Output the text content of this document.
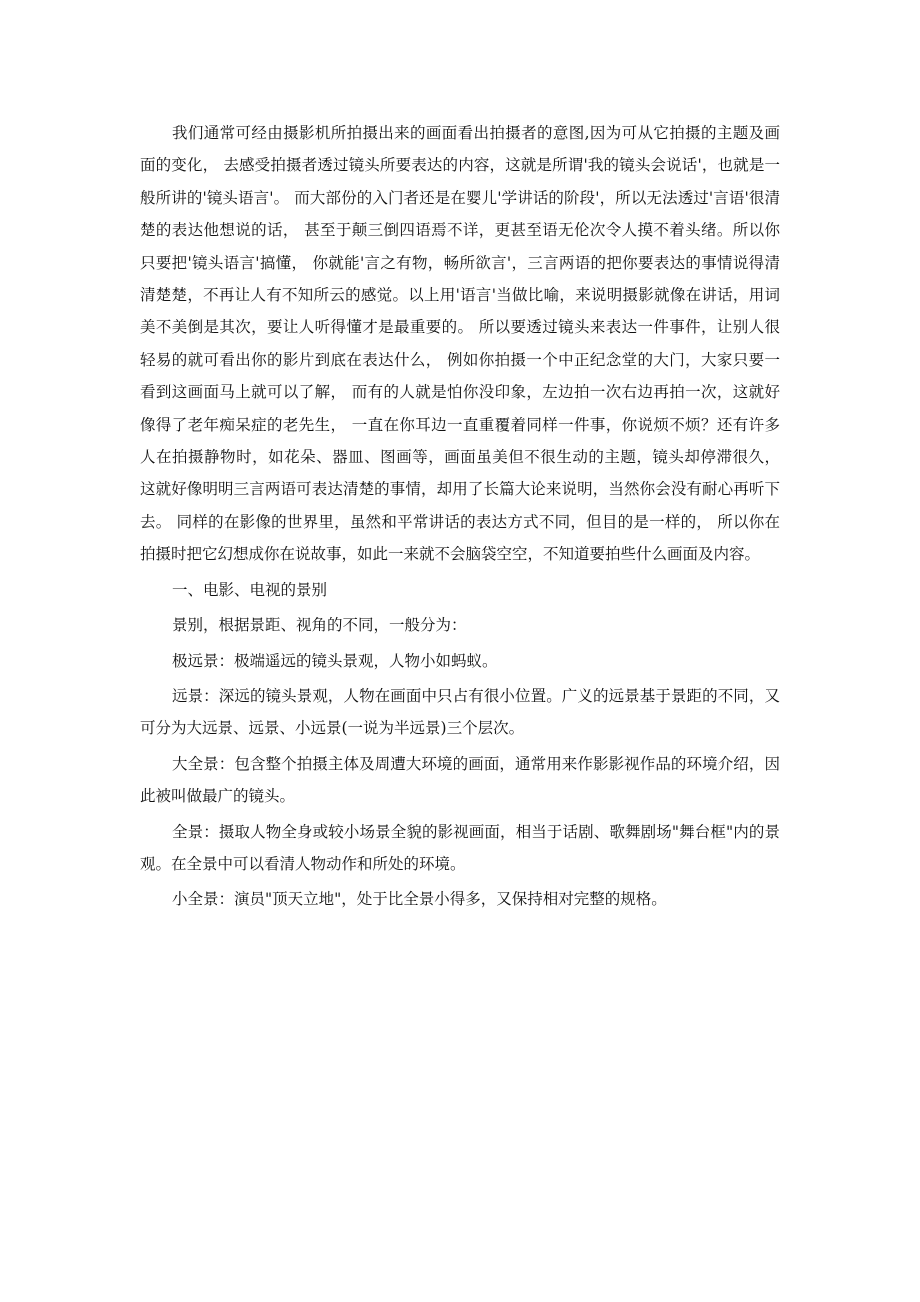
我们通常可经由摄影机所拍摄出来的画面看出拍摄者的意图,因为可从它拍摄的主题及画面的变化， 去感受拍摄者透过镜头所要表达的内容，这就是所谓'我的镜头会说话'，也就是一般所讲的'镜头语言'。 而大部份的入门者还是在婴儿'学讲话的阶段'，所以无法透过'言语'很清楚的表达他想说的话， 甚至于颠三倒四语焉不详，更甚至语无伦次令人摸不着头绪。所以你只要把'镜头语言'搞懂， 你就能'言之有物，畅所欲言'，三言两语的把你要表达的事情说得清清楚楚，不再让人有不知所云的感觉。以上用'语言'当做比喻，来说明摄影就像在讲话，用词美不美倒是其次，要让人听得懂才是最重要的。 所以要透过镜头来表达一件事件，让别人很轻易的就可看出你的影片到底在表达什么， 例如你拍摄一个中正纪念堂的大门，大家只要一看到这画面马上就可以了解， 而有的人就是怕你没印象，左边拍一次右边再拍一次，这就好像得了老年痴呆症的老先生， 一直在你耳边一直重覆着同样一件事，你说烦不烦？还有许多人在拍摄静物时，如花朵、器皿、图画等，画面虽美但不很生动的主题，镜头却停滞很久， 这就好像明明三言两语可表达清楚的事情，却用了长篇大论来说明，当然你会没有耐心再听下去。 同样的在影像的世界里，虽然和平常讲话的表达方式不同，但目的是一样的， 所以你在拍摄时把它幻想成你在说故事，如此一来就不会脑袋空空，不知道要拍些什么画面及内容。

一、电影、电视的景别

景别，根据景距、视角的不同，一般分为：

极远景：极端遥远的镜头景观，人物小如蚂蚁。

远景：深远的镜头景观，人物在画面中只占有很小位置。广义的远景基于景距的不同，又可分为大远景、远景、小远景(一说为半远景)三个层次。

大全景：包含整个拍摄主体及周遭大环境的画面，通常用来作影影视作品的环境介绍，因此被叫做最广的镜头。

全景：摄取人物全身或较小场景全貌的影视画面，相当于话剧、歌舞剧场"舞台框"内的景观。在全景中可以看清人物动作和所处的环境。

小全景：演员"顶天立地"，处于比全景小得多，又保持相对完整的规格。
